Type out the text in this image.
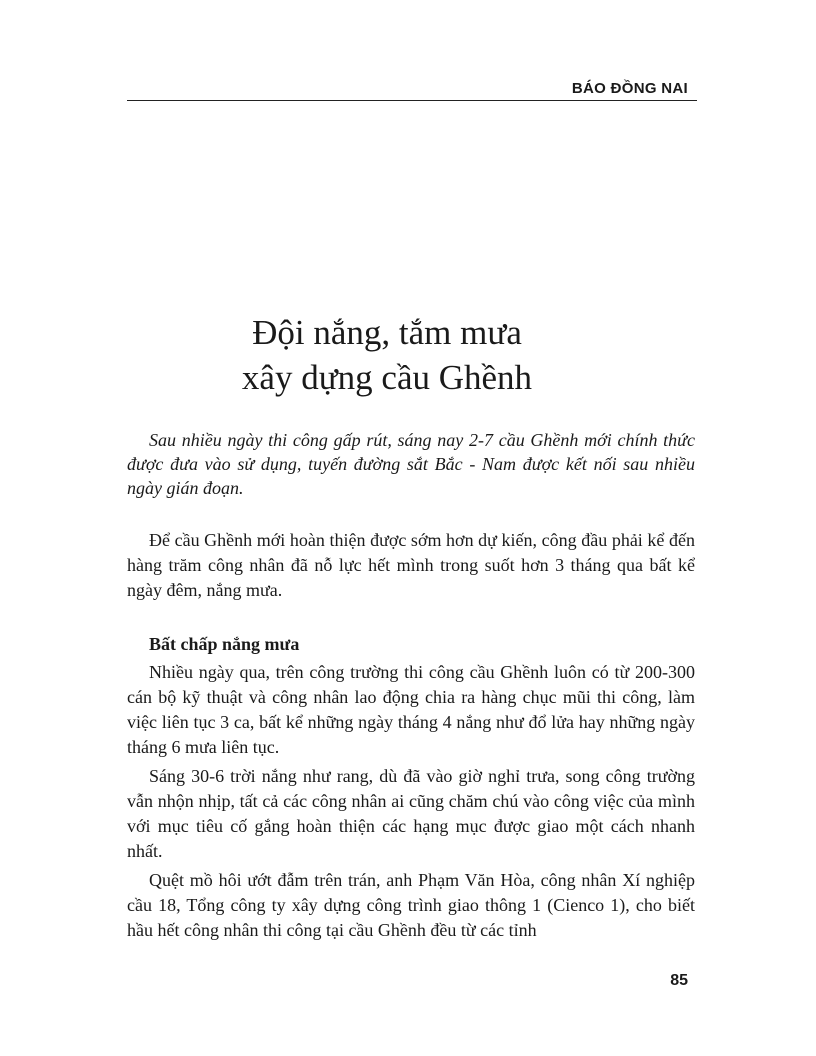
BÁO ĐỒNG NAI
Đội nắng, tắm mưa
xây dựng cầu Ghềnh

Sau nhiều ngày thi công gấp rút, sáng nay 2-7 cầu Ghềnh mới chính thức được đưa vào sử dụng, tuyến đường sắt Bắc - Nam được kết nối sau nhiều ngày gián đoạn.

Để cầu Ghềnh mới hoàn thiện được sớm hơn dự kiến, công đầu phải kể đến hàng trăm công nhân đã nỗ lực hết mình trong suốt hơn 3 tháng qua bất kể ngày đêm, nắng mưa.

Bất chấp nắng mưa

Nhiều ngày qua, trên công trường thi công cầu Ghềnh luôn có từ 200-300 cán bộ kỹ thuật và công nhân lao động chia ra hàng chục mũi thi công, làm việc liên tục 3 ca, bất kể những ngày tháng 4 nắng như đổ lửa hay những ngày tháng 6 mưa liên tục.

Sáng 30-6 trời nắng như rang, dù đã vào giờ nghỉ trưa, song công trường vẫn nhộn nhịp, tất cả các công nhân ai cũng chăm chú vào công việc của mình với mục tiêu cố gắng hoàn thiện các hạng mục được giao một cách nhanh nhất.

Quệt mồ hôi ướt đẫm trên trán, anh Phạm Văn Hòa, công nhân Xí nghiệp cầu 18, Tổng công ty xây dựng công trình giao thông 1 (Cienco 1), cho biết hầu hết công nhân thi công tại cầu Ghềnh đều từ các tỉnh

85
